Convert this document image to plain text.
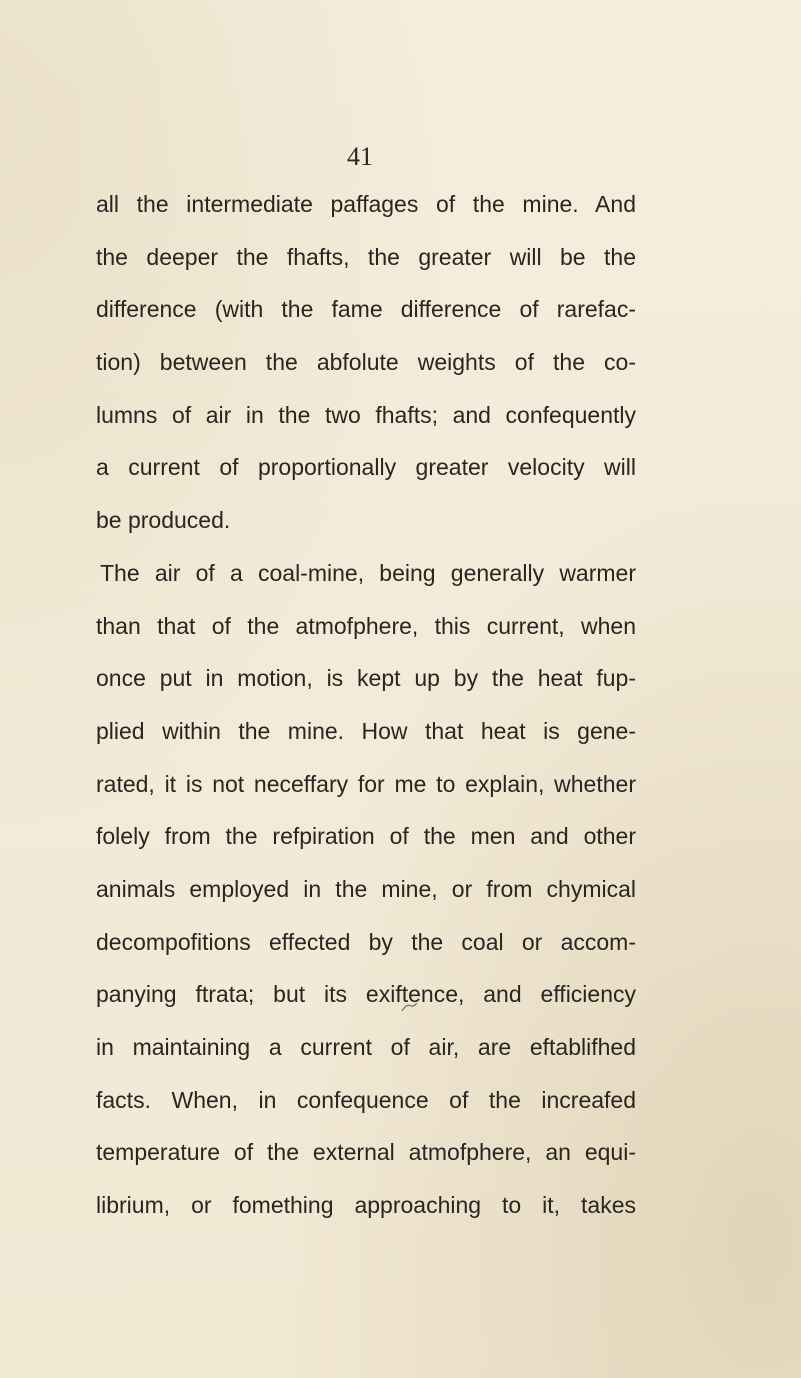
41
all the intermediate paffages of the mine. And
the deeper the fhafts, the greater will be the
difference (with the fame difference of rarefac-
tion) between the abfolute weights of the co-
lumns of air in the two fhafts; and confequently
a current of proportionally greater velocity will
be produced.
The air of a coal-mine, being generally warmer
than that of the atmofphere, this current, when
once put in motion, is kept up by the heat fup-
plied within the mine. How that heat is gene-
rated, it is not neceffary for me to explain, whether
folely from the refpiration of the men and other
animals employed in the mine, or from chymical
decompofitions effected by the coal or accom-
panying ftrata; but its exiftence, and efficiency
in maintaining a current of air, are eftablifhed
facts. When, in confequence of the increafed
temperature of the external atmofphere, an equi-
librium, or fomething approaching to it, takes
